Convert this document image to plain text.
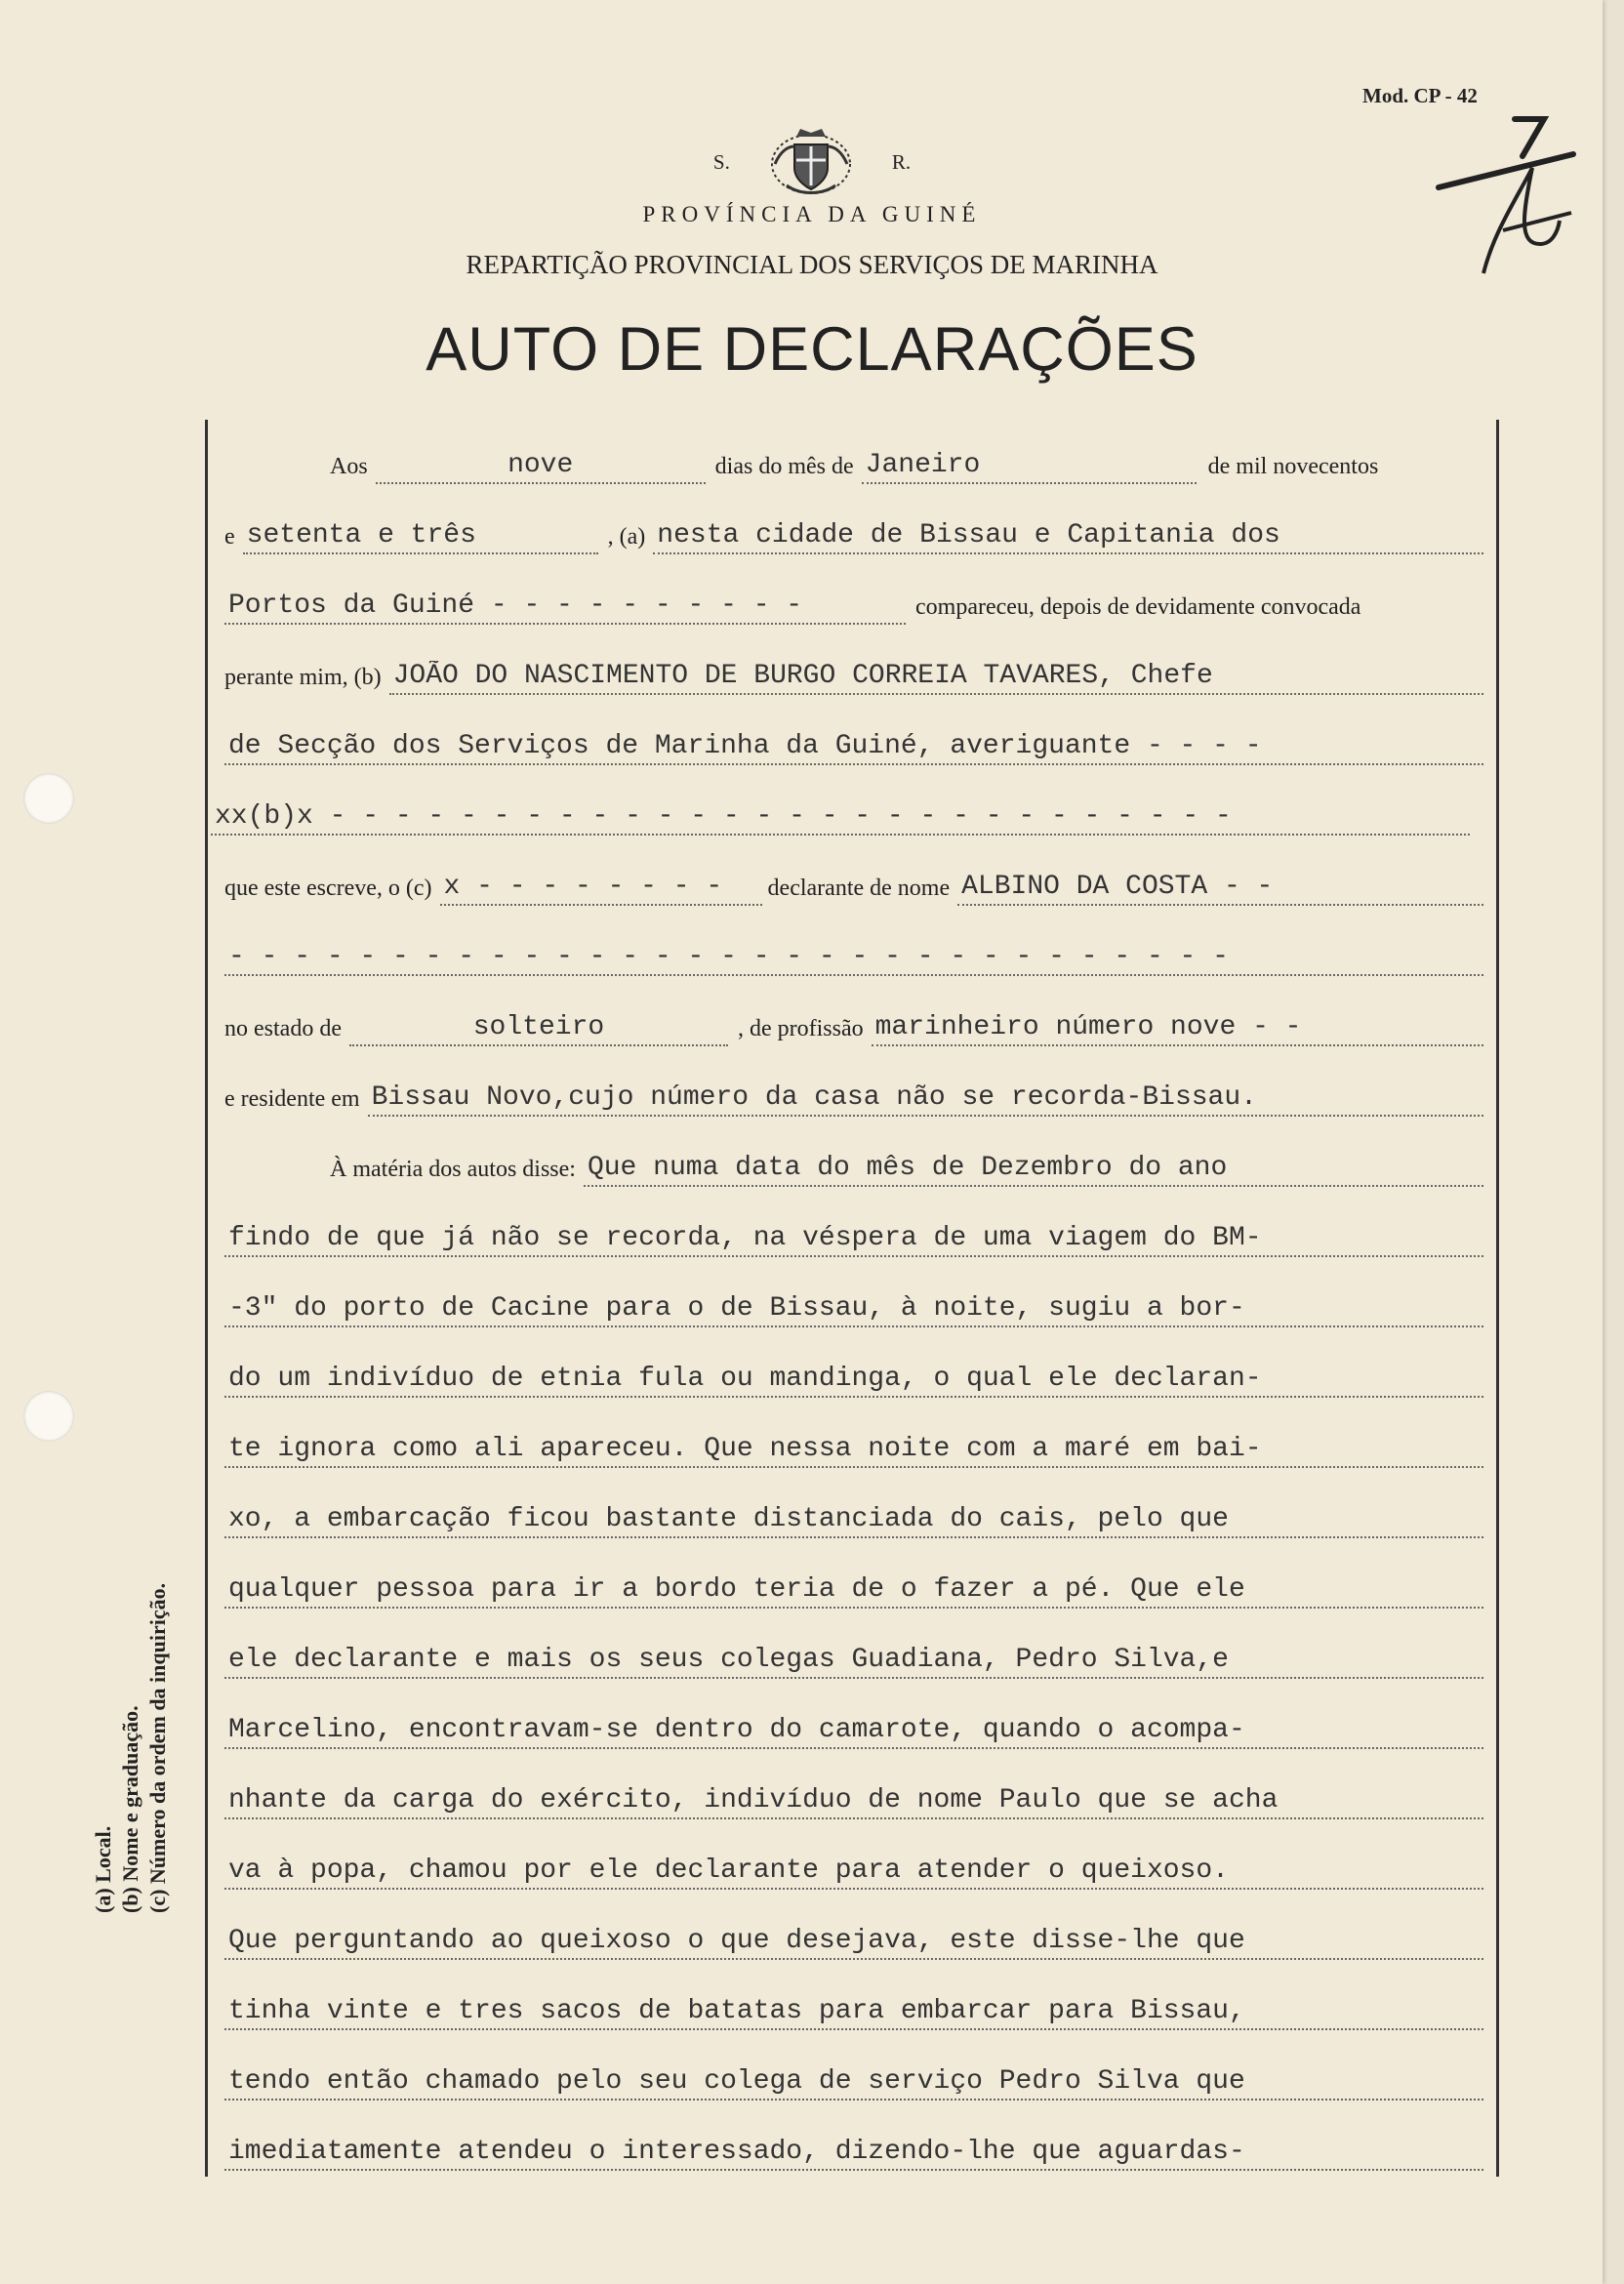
Mod. CP - 42
S.	R.
PROVÍNCIA DA GUINÉ
REPARTIÇÃO PROVINCIAL DOS SERVIÇOS DE MARINHA
AUTO DE DECLARAÇÕES
Aos	nove	dias do mês de Janeiro	de mil novecentos
e setenta e três	, (a) nesta cidade de Bissau e Capitania dos
Portos da Guiné - - - - - - - - - -	compareceu, depois de devidamente convocada
perante mim, (b) JOÃO DO NASCIMENTO DE BURGO CORREIA TAVARES, Chefe
de Secção dos Serviços de Marinha da Guiné, averiguante - - - -
xx(b)x - - - - - - - - - - - - - - - - - - - - - - - - - - - -
que este escreve, o (c) x - - - - - - - -	declarante de nome ALBINO DA COSTA - -
- - - - - - - - - - - - - - - - - - - - - - - - - - - - - - -
no estado de	solteiro	, de profissão marinheiro número nove - -
e residente em Bissau Novo,cujo número da casa não se recorda-Bissau.
À matéria dos autos disse: Que numa data do mês de Dezembro do ano
findo de que já não se recorda, na véspera de uma viagem do BM-
-3" do porto de Cacine para o de Bissau, à noite, sugiu a bor-
do um indivíduo de etnia fula ou mandinga, o qual ele declaran-
te ignora como ali apareceu. Que nessa noite com a maré em bai-
xo, a embarcação ficou bastante distanciada do cais, pelo que
qualquer pessoa para ir a bordo teria de o fazer a pé. Que ele
ele declarante e mais os seus colegas Guadiana, Pedro Silva,e
Marcelino, encontravam-se dentro do camarote, quando o acompa-
nhante da carga do exército, indivíduo de nome Paulo que se acha
va à popa, chamou por ele declarante para atender o queixoso.
Que perguntando ao queixoso o que desejava, este disse-lhe que
tinha vinte e tres sacos de batatas para embarcar para Bissau,
tendo então chamado pelo seu colega de serviço Pedro Silva que
imediatamente atendeu o interessado, dizendo-lhe que aguardas-
(a) Local. (b) Nome e graduação. (c) Número da ordem da inquirição.
